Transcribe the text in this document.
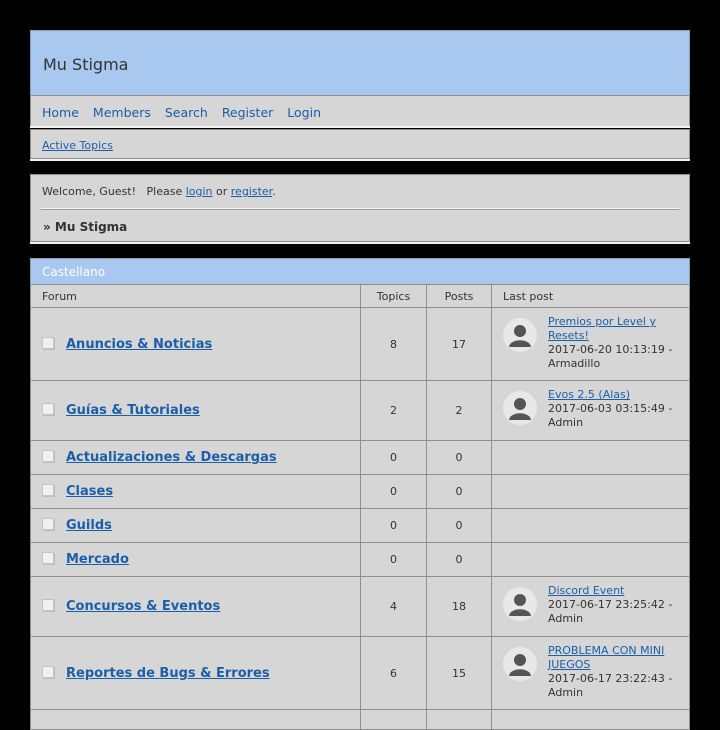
Mu Stigma
Home Members Search Register Login
Active Topics
Welcome, Guest!   Please login or register.
» Mu Stigma
Castellano
Forum	Topics	Posts	Last post

Anuncios & Noticias	8	17	Premios por Level y Resets!
2017-06-20 10:13:19 - Armadillo

Guías & Tutoriales	2	2	Evos 2.5 (Alas)
2017-06-03 03:15:49 - Admin

Actualizaciones & Descargas	0	0	

Clases	0	0	

Guilds	0	0	

Mercado	0	0	

Concursos & Eventos	4	18	Discord Event
2017-06-17 23:25:42 - Admin

Reportes de Bugs & Errores	6	15	PROBLEMA CON MINI JUEGOS
2017-06-17 23:22:43 - Admin
